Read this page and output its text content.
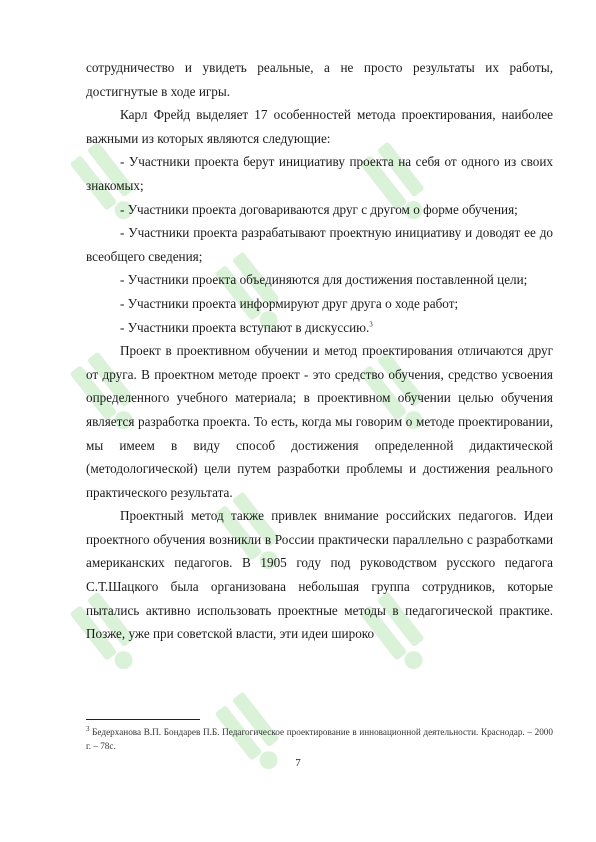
сотрудничество и увидеть реальные, а не просто результаты их работы, достигнутые в ходе игры.

Карл Фрейд выделяет 17 особенностей метода проектирования, наиболее важными из которых являются следующие:

- Участники проекта берут инициативу проекта на себя от одного из своих знакомых;

- Участники проекта договариваются друг с другом о форме обучения;

- Участники проекта разрабатывают проектную инициативу и доводят ее до всеобщего сведения;

- Участники проекта объединяются для достижения поставленной цели;

- Участники проекта информируют друг друга о ходе работ;

- Участники проекта вступают в дискуссию.$^3$

Проект в проективном обучении и метод проектирования отличаются друг от друга. В проектном методе проект - это средство обучения, средство усвоения определенного учебного материала; в проективном обучении целью обучения является разработка проекта. То есть, когда мы говорим о методе проектировании, мы имеем в виду способ достижения определенной дидактической (методологической) цели путем разработки проблемы и достижения реального практического результата.

Проектный метод также привлек внимание российских педагогов. Идеи проектного обучения возникли в России практически параллельно с разработками американских педагогов. В 1905 году под руководством русского педагога С.Т.Шацкого была организована небольшая группа сотрудников, которые пытались активно использовать проектные методы в педагогической практике. Позже, уже при советской власти, эти идеи широко

$^3$ Бедерханова В.П. Бондарев П.Б. Педагогическое проектирование в инновационной деятельности. Краснодар. – 2000 г. – 78с.
7
